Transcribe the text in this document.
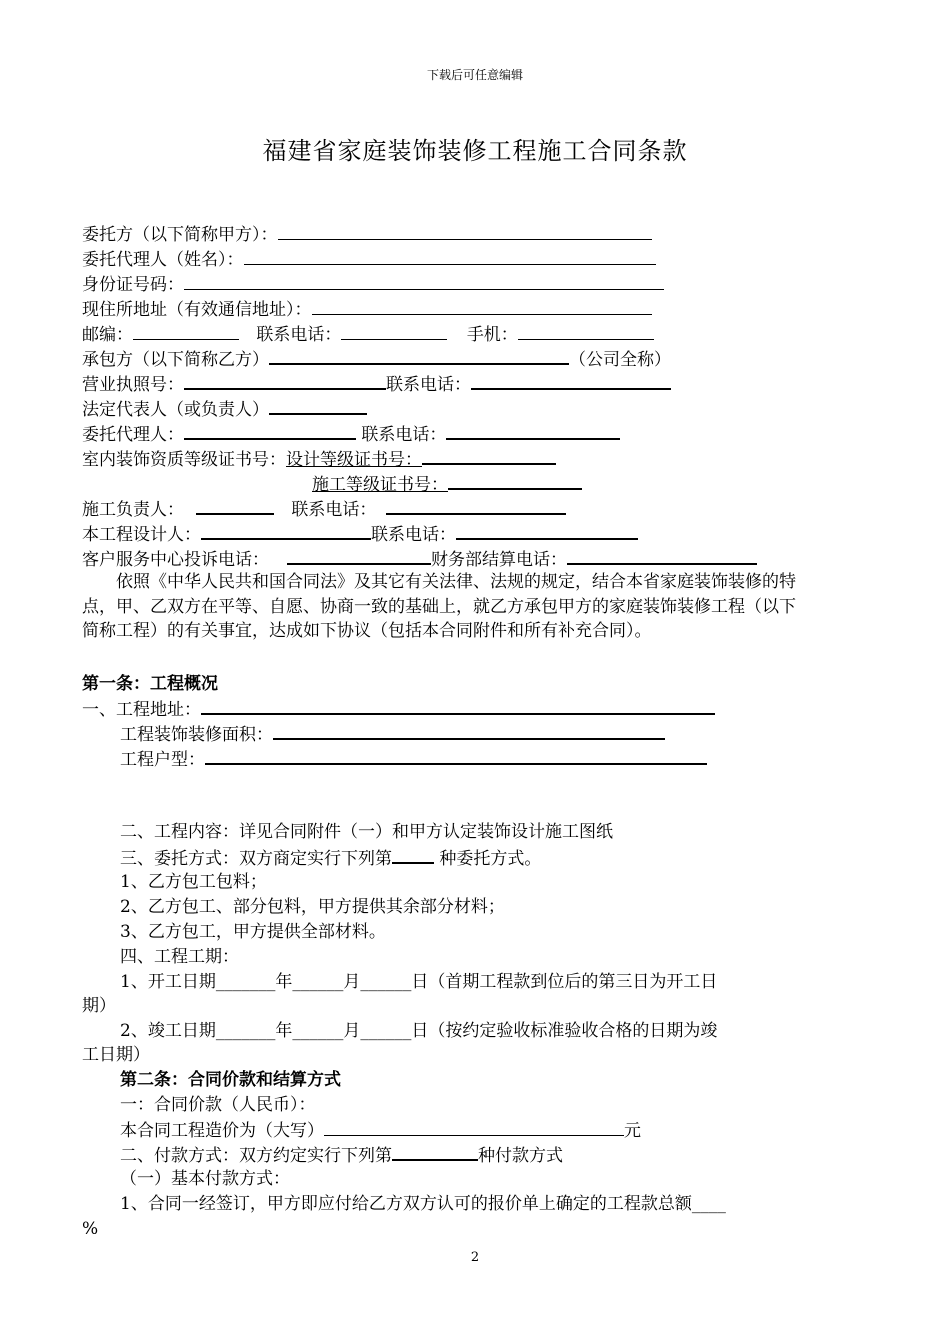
下载后可任意编辑
福建省家庭装饰装修工程施工合同条款
委托方（以下简称甲方）：
委托代理人（姓名）：
身份证号码：
现住所地址（有效通信地址）：
邮编：	联系电话：	手机：
承包方（以下简称乙方）	（公司全称）
营业执照号：	联系电话：
法定代表人（或负责人）
委托代理人：	联系电话：
室内装饰资质等级证书号：设计等级证书号：
施工等级证书号：
施工负责人：	联系电话：
本工程设计人：	联系电话：
客户服务中心投诉电话：	财务部结算电话：
依照《中华人民共和国合同法》及其它有关法律、法规的规定，结合本省家庭装饰装修的特点，甲、乙双方在平等、自愿、协商一致的基础上，就乙方承包甲方的家庭装饰装修工程（以下简称工程）的有关事宜，达成如下协议（包括本合同附件和所有补充合同）。
第一条：工程概况
一、工程地址：
工程装饰装修面积：
工程户型：
二、工程内容：详见合同附件（一）和甲方认定装饰设计施工图纸
三、委托方式：双方商定实行下列第 种委托方式。
1、乙方包工包料；
2、乙方包工、部分包料，甲方提供其余部分材料；
3、乙方包工，甲方提供全部材料。
四、工程工期：
1、开工日期_______年______月______日（首期工程款到位后的第三日为开工日
期）
2、竣工日期_______年______月______日（按约定验收标准验收合格的日期为竣
工日期）
第二条：合同价款和结算方式
一：合同价款（人民币）：
本合同工程造价为（大写）	元
二、付款方式：双方约定实行下列第	种付款方式
（一）基本付款方式：
1、合同一经签订，甲方即应付给乙方双方认可的报价单上确定的工程款总额____
%
2
